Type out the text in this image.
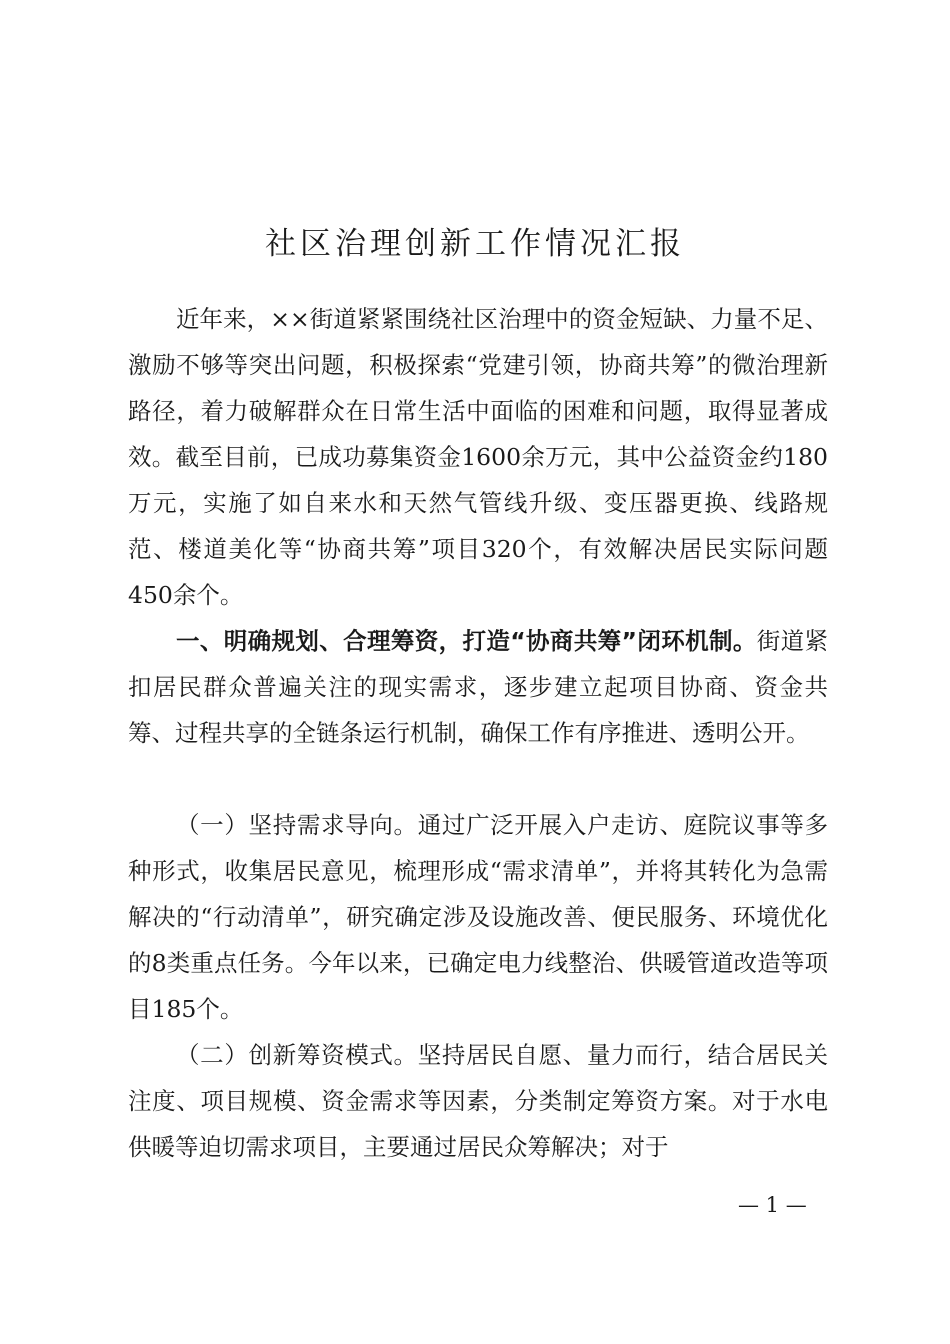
社区治理创新工作情况汇报

近年来，××街道紧紧围绕社区治理中的资金短缺、力量不足、激励不够等突出问题，积极探索“党建引领，协商共筹”的微治理新路径，着力破解群众在日常生活中面临的困难和问题，取得显著成效。截至目前，已成功募集资金1600余万元，其中公益资金约180万元，实施了如自来水和天然气管线升级、变压器更换、线路规范、楼道美化等“协商共筹”项目320个，有效解决居民实际问题450余个。

一、明确规划、合理筹资，打造“协商共筹”闭环机制。街道紧扣居民群众普遍关注的现实需求，逐步建立起项目协商、资金共筹、过程共享的全链条运行机制，确保工作有序推进、透明公开。

（一）坚持需求导向。通过广泛开展入户走访、庭院议事等多种形式，收集居民意见，梳理形成“需求清单”，并将其转化为急需解决的“行动清单”，研究确定涉及设施改善、便民服务、环境优化的8类重点任务。今年以来，已确定电力线整治、供暖管道改造等项目185个。

（二）创新筹资模式。坚持居民自愿、量力而行，结合居民关注度、项目规模、资金需求等因素，分类制定筹资方案。对于水电供暖等迫切需求项目，主要通过居民众筹解决；对于

— 1 —
